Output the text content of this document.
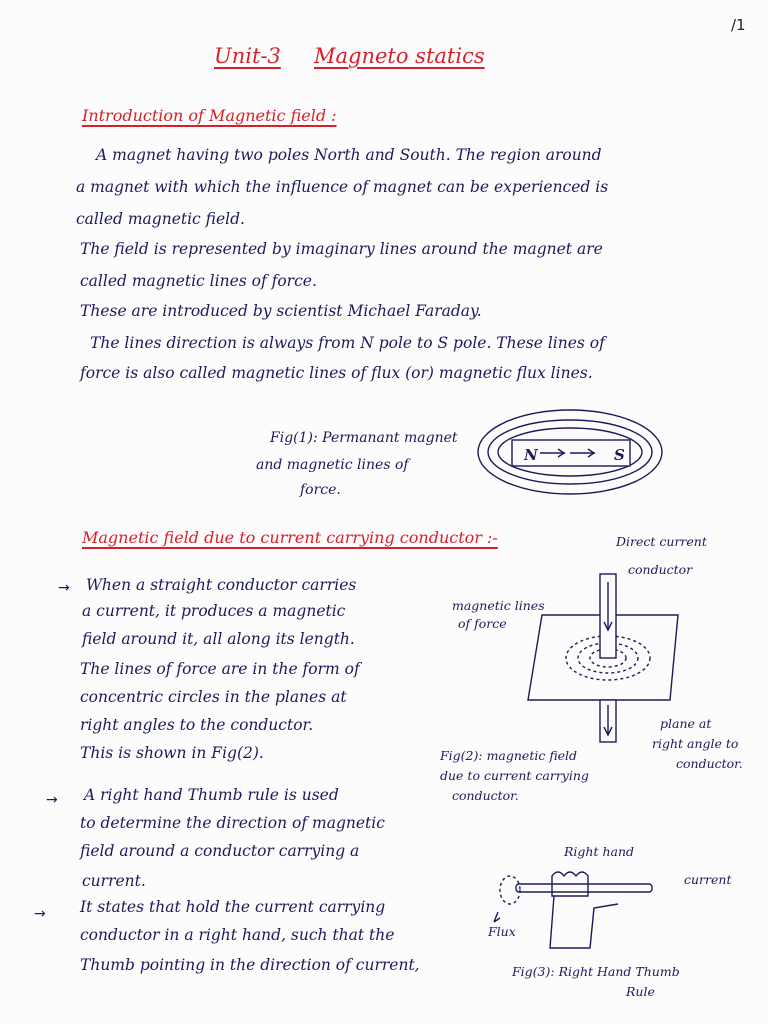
/1
Unit-3 Magneto statics
Introduction of Magnetic field :
A magnet having two poles North and South. The region around
a magnet with which the influence of magnet can be experienced is
called magnetic field.
The field is represented by imaginary lines around the magnet are
called magnetic lines of force.
These are introduced by scientist Michael Faraday.
The lines direction is always from N pole to S pole. These lines of
force is also called magnetic lines of flux (or) magnetic flux lines.
Fig(1): Permanant magnet
and magnetic lines of
force.
N	S
Magnetic field due to current carrying conductor :-
→ When a straight conductor carries
a current, it produces a magnetic
field around it, all along its length.
The lines of force are in the form of
concentric circles in the planes at
right angles to the conductor.
This is shown in Fig(2).
→ A right hand Thumb rule is used
to determine the direction of magnetic
field around a conductor carrying a
current.
→ It states that hold the current carrying
conductor in a right hand, such that the
Thumb pointing in the direction of current,
Direct current
conductor
magnetic lines
of force
plane at
right angle to
conductor.
Fig(2): magnetic field
due to current carrying
conductor.
Right hand
current
Flux
Fig(3): Right Hand Thumb
Rule
